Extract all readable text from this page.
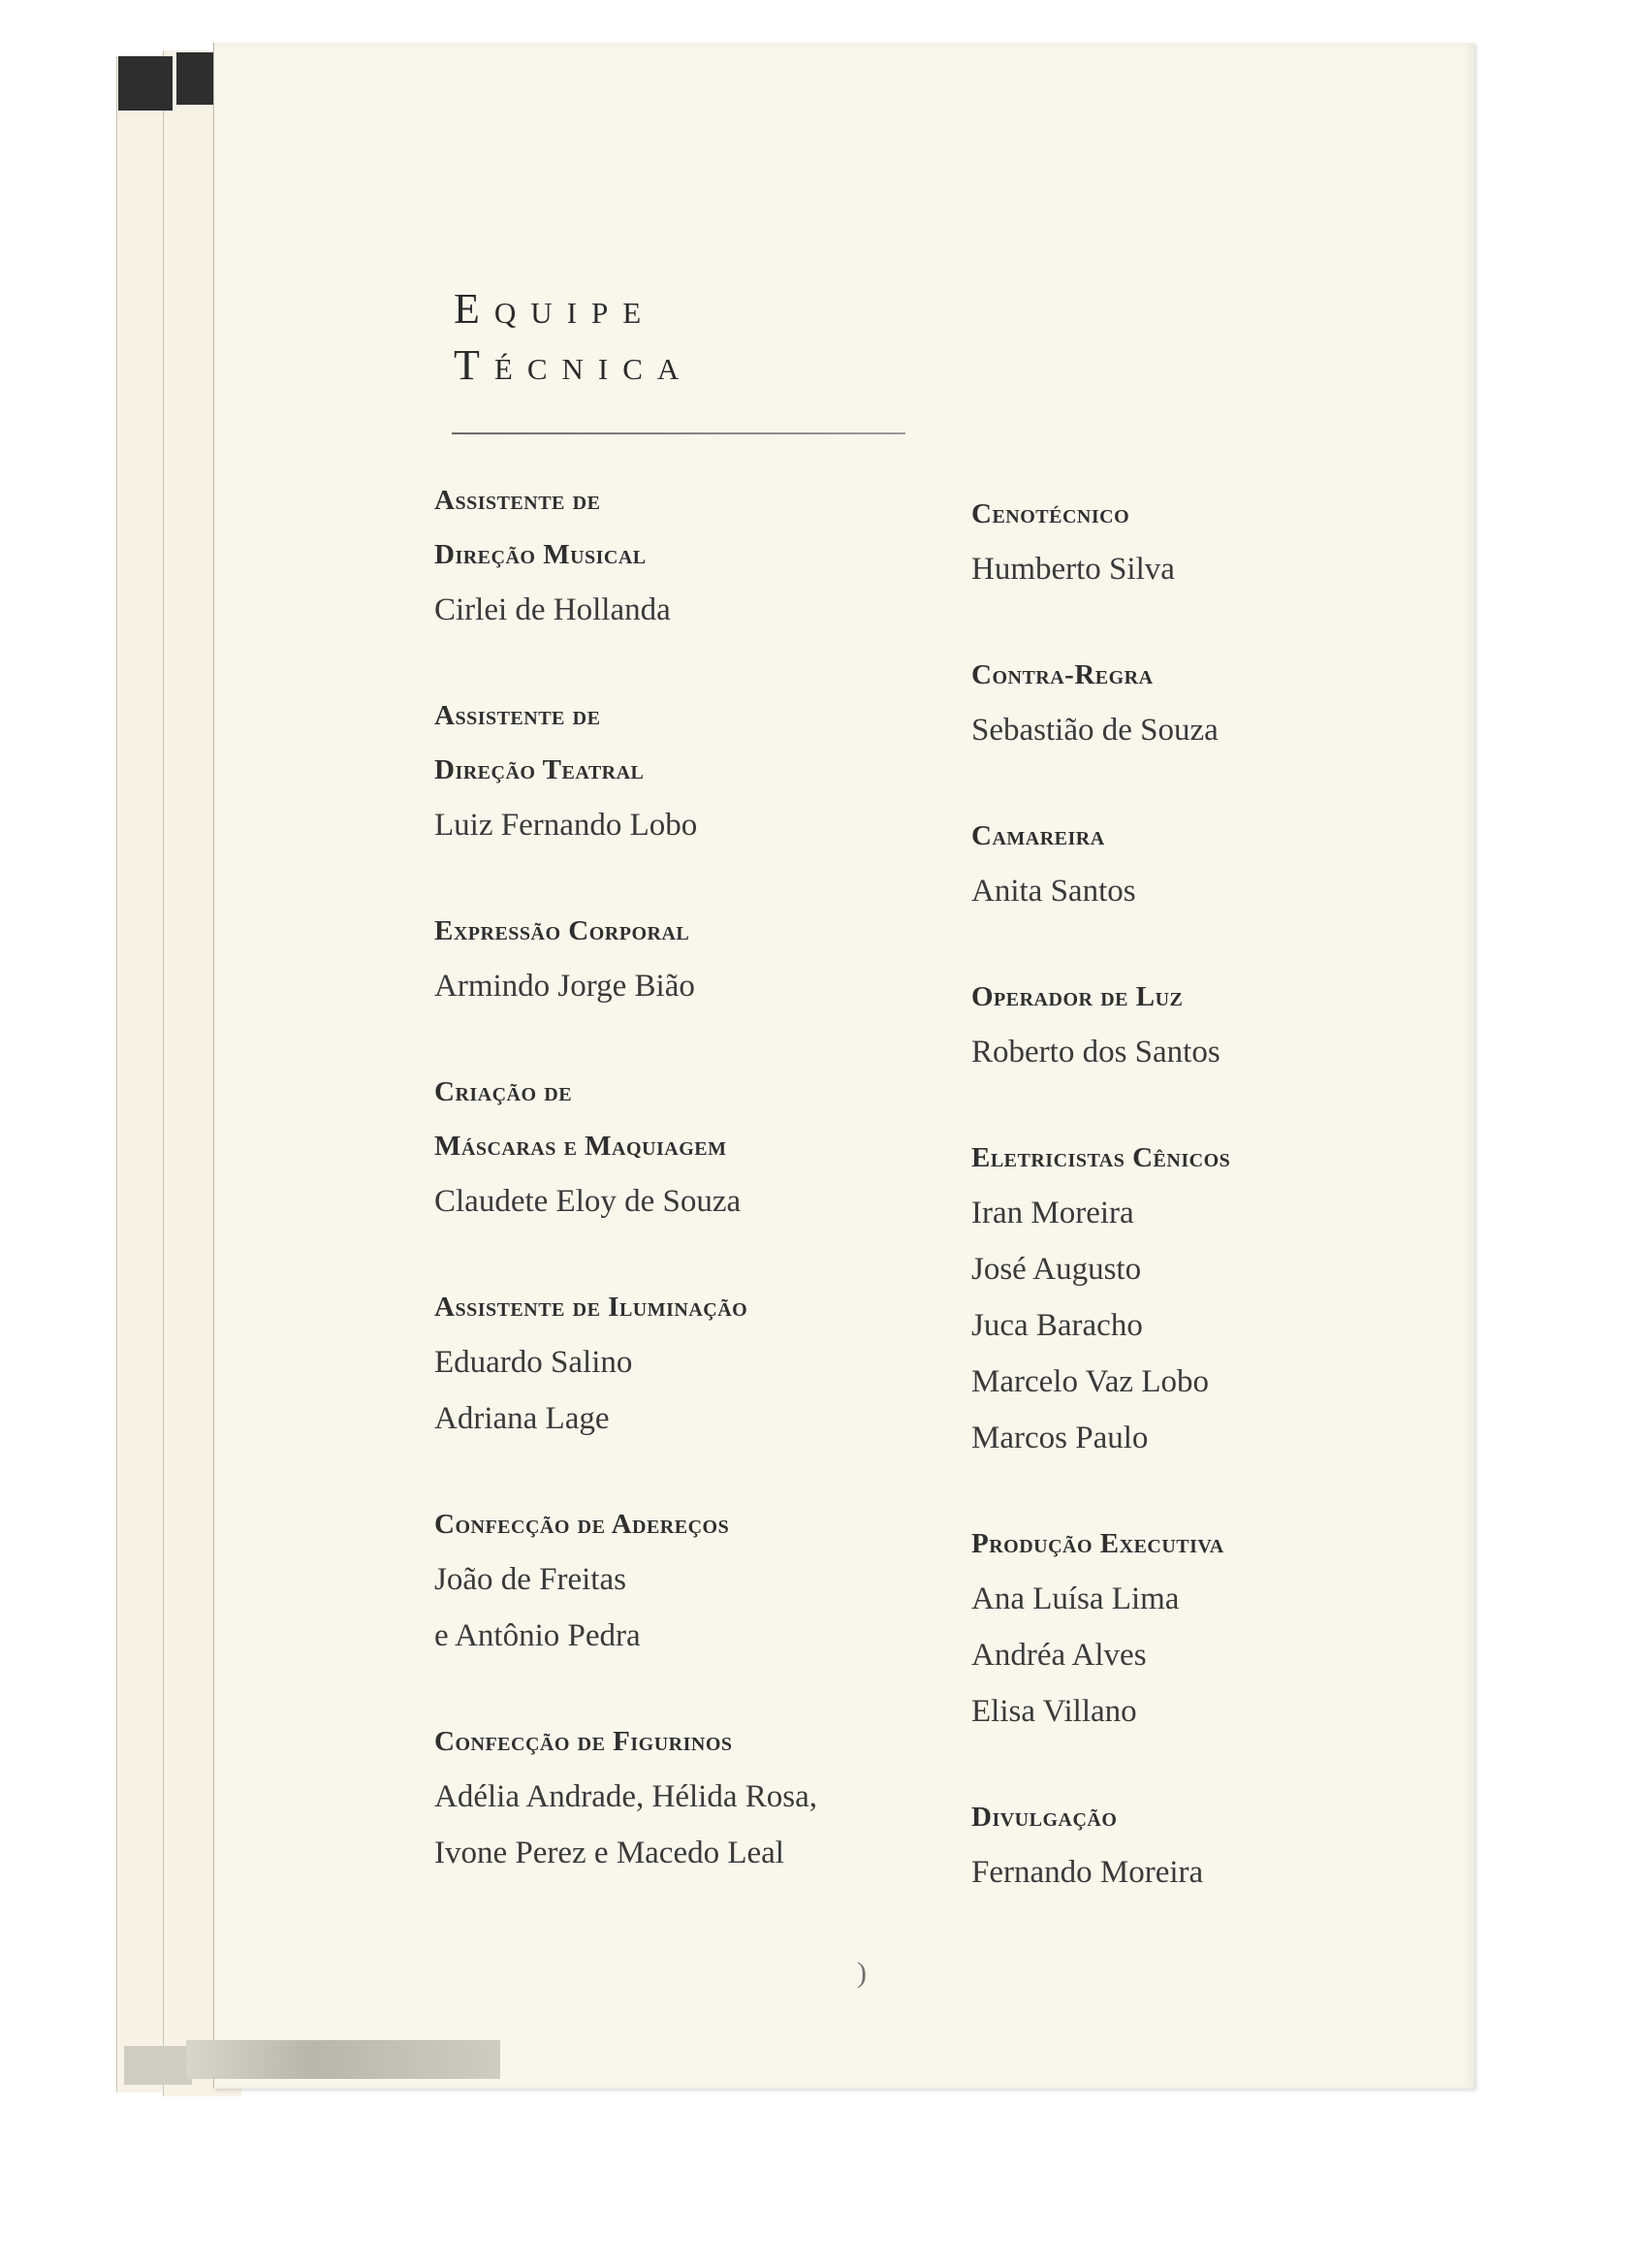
Equipe
Técnica
Assistente de
Direção Musical
Cirlei de Hollanda
Assistente de
Direção Teatral
Luiz Fernando Lobo
Expressão Corporal
Armindo Jorge Bião
Criação de
Máscaras e Maquiagem
Claudete Eloy de Souza
Assistente de Iluminação
Eduardo Salino
Adriana Lage
Confecção de Adereços
João de Freitas
e Antônio Pedra
Confecção de Figurinos
Adélia Andrade, Hélida Rosa,
Ivone Perez e Macedo Leal
Cenotécnico
Humberto Silva
Contra-Regra
Sebastião de Souza
Camareira
Anita Santos
Operador de Luz
Roberto dos Santos
Eletricistas Cênicos
Iran Moreira
José Augusto
Juca Baracho
Marcelo Vaz Lobo
Marcos Paulo
Produção Executiva
Ana Luísa Lima
Andréa Alves
Elisa Villano
Divulgação
Fernando Moreira
)
